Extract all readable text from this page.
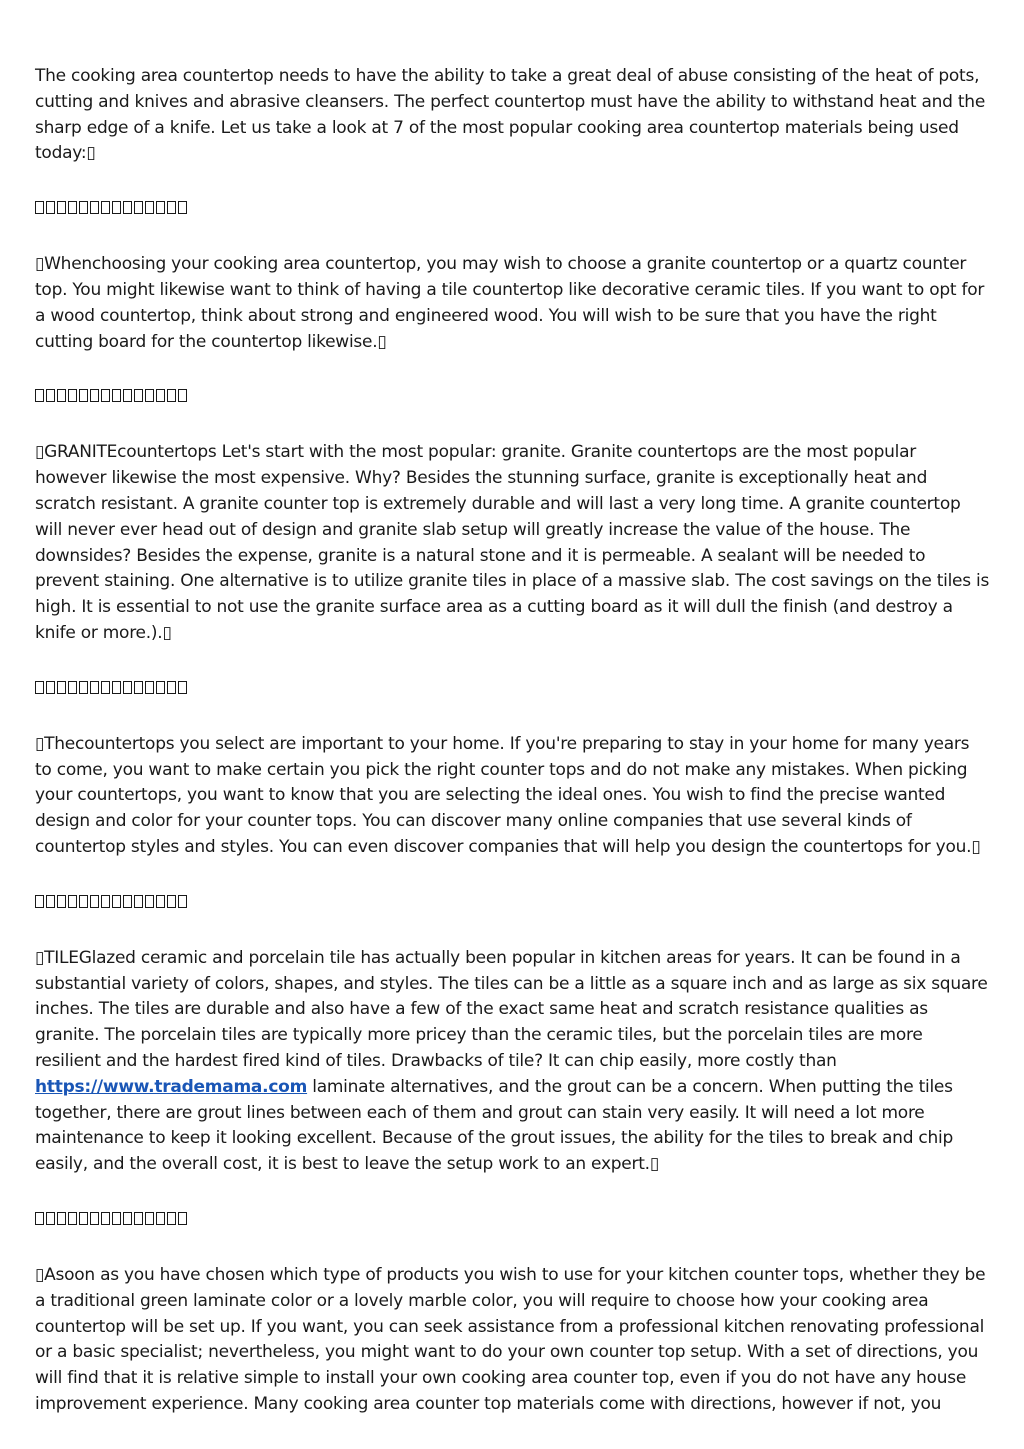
The cooking area countertop needs to have the ability to take a great deal of abuse consisting of the heat of pots, cutting and knives and abrasive cleansers. The perfect countertop must have the ability to withstand heat and the sharp edge of a knife. Let us take a look at 7 of the most popular cooking area countertop materials being used today:▯

▯Whenchoosing your cooking area countertop, you may wish to choose a granite countertop or a quartz counter top. You might likewise want to think of having a tile countertop like decorative ceramic tiles. If you want to opt for a wood countertop, think about strong and engineered wood. You will wish to be sure that you have the right cutting board for the countertop likewise.▯

▯GRANITEcountertops Let's start with the most popular: granite. Granite countertops are the most popular however likewise the most expensive. Why? Besides the stunning surface, granite is exceptionally heat and scratch resistant. A granite counter top is extremely durable and will last a very long time. A granite countertop will never ever head out of design and granite slab setup will greatly increase the value of the house. The downsides? Besides the expense, granite is a natural stone and it is permeable. A sealant will be needed to prevent staining. One alternative is to utilize granite tiles in place of a massive slab. The cost savings on the tiles is high. It is essential to not use the granite surface area as a cutting board as it will dull the finish (and destroy a knife or more.).▯

▯Thecountertops you select are important to your home. If you're preparing to stay in your home for many years to come, you want to make certain you pick the right counter tops and do not make any mistakes. When picking your countertops, you want to know that you are selecting the ideal ones. You wish to find the precise wanted design and color for your counter tops. You can discover many online companies that use several kinds of countertop styles and styles. You can even discover companies that will help you design the countertops for you.▯

▯TILEGlazed ceramic and porcelain tile has actually been popular in kitchen areas for years. It can be found in a substantial variety of colors, shapes, and styles. The tiles can be a little as a square inch and as large as six square inches. The tiles are durable and also have a few of the exact same heat and scratch resistance qualities as granite. The porcelain tiles are typically more pricey than the ceramic tiles, but the porcelain tiles are more resilient and the hardest fired kind of tiles. Drawbacks of tile? It can chip easily, more costly than https://www.trademama.com laminate alternatives, and the grout can be a concern. When putting the tiles together, there are grout lines between each of them and grout can stain very easily. It will need a lot more maintenance to keep it looking excellent. Because of the grout issues, the ability for the tiles to break and chip easily, and the overall cost, it is best to leave the setup work to an expert.▯

▯Asoon as you have chosen which type of products you wish to use for your kitchen counter tops, whether they be a traditional green laminate color or a lovely marble color, you will require to choose how your cooking area countertop will be set up. If you want, you can seek assistance from a professional kitchen renovating professional or a basic specialist; nevertheless, you might want to do your own counter top setup. With a set of directions, you will find that it is relative simple to install your own cooking area counter top, even if you do not have any house improvement experience. Many cooking area counter top materials come with directions, however if not, you
